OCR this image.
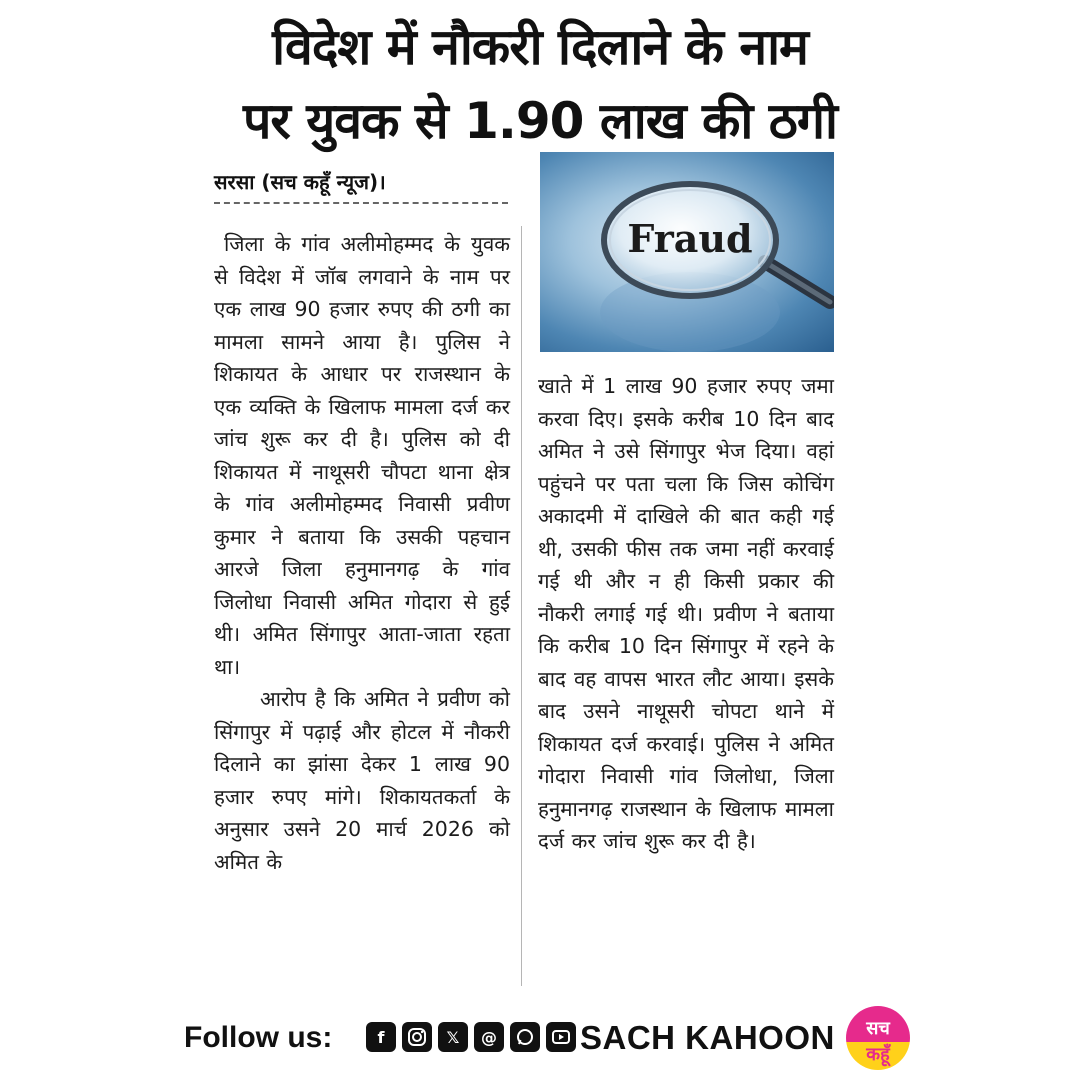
विदेश में नौकरी दिलाने के नाम
पर युवक से 1.90 लाख की ठगी
सरसा (सच कहूँ न्यूज)।

जिला के गांव अलीमोहम्मद के युवक से विदेश में जॉब लगवाने के नाम पर एक लाख 90 हजार रुपए की ठगी का मामला सामने आया है। पुलिस ने शिकायत के आधार पर राजस्थान के एक व्यक्ति के खिलाफ मामला दर्ज कर जांच शुरू कर दी है। पुलिस को दी शिकायत में नाथूसरी चौपटा थाना क्षेत्र के गांव अलीमोहम्मद निवासी प्रवीण कुमार ने बताया कि उसकी पहचान आरजे जिला हनुमानगढ़ के गांव जिलोधा निवासी अमित गोदारा से हुई थी। अमित सिंगापुर आता-जाता रहता था।

आरोप है कि अमित ने प्रवीण को सिंगापुर में पढ़ाई और होटल में नौकरी दिलाने का झांसा देकर 1 लाख 90 हजार रुपए मांगे। शिकायतकर्ता के अनुसार उसने 20 मार्च 2026 को अमित के

Fraud

खाते में 1 लाख 90 हजार रुपए जमा करवा दिए। इसके करीब 10 दिन बाद अमित ने उसे सिंगापुर भेज दिया। वहां पहुंचने पर पता चला कि जिस कोचिंग अकादमी में दाखिले की बात कही गई थी, उसकी फीस तक जमा नहीं करवाई गई थी और न ही किसी प्रकार की नौकरी लगाई गई थी। प्रवीण ने बताया कि करीब 10 दिन सिंगापुर में रहने के बाद वह वापस भारत लौट आया। इसके बाद उसने नाथूसरी चोपटा थाने में शिकायत दर्ज करवाई। पुलिस ने अमित गोदारा निवासी गांव जिलोधा, जिला हनुमानगढ़ राजस्थान के खिलाफ मामला दर्ज कर जांच शुरू कर दी है।

Follow us:	f	𝕏	@	SACH KAHOON सच
कहूँ
